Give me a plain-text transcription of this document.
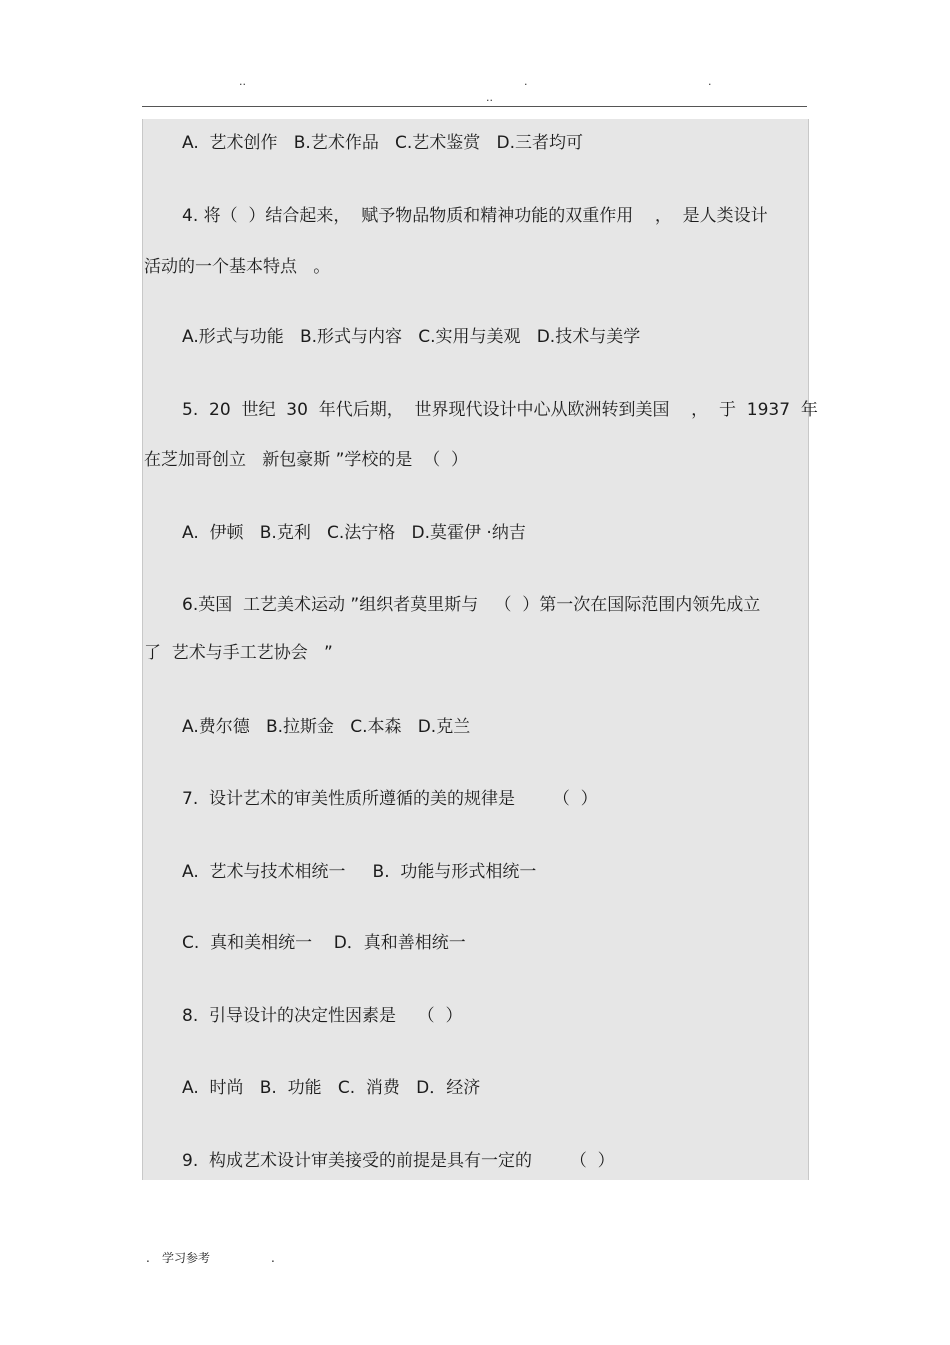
..	.	.
..
A.  艺术创作   B.艺术作品   C.艺术鉴赏   D.三者均可
4. 将（  ）结合起来，  赋予物品物质和精神功能的双重作用    ，  是人类设计
活动的一个基本特点   。
A.形式与功能   B.形式与内容   C.实用与美观   D.技术与美学
5.  20  世纪  30  年代后期，  世界现代设计中心从欧洲转到美国    ，  于  1937  年
在芝加哥创立   新包豪斯 ”学校的是  （  ）
A.  伊顿   B.克利   C.法宁格   D.莫霍伊 ·纳吉
6.英国  工艺美术运动 ”组织者莫里斯与   （  ）第一次在国际范围内领先成立
了  艺术与手工艺协会   ”
A.费尔德   B.拉斯金   C.本森   D.克兰
7.  设计艺术的审美性质所遵循的美的规律是       （  ）
A.  艺术与技术相统一     B.  功能与形式相统一
C.  真和美相统一    D．真和善相统一
8.  引导设计的决定性因素是    （  ）
A.  时尚   B.  功能   C.  消费   D．经济
9.  构成艺术设计审美接受的前提是具有一定的       （  ）
. 学习参考	.
